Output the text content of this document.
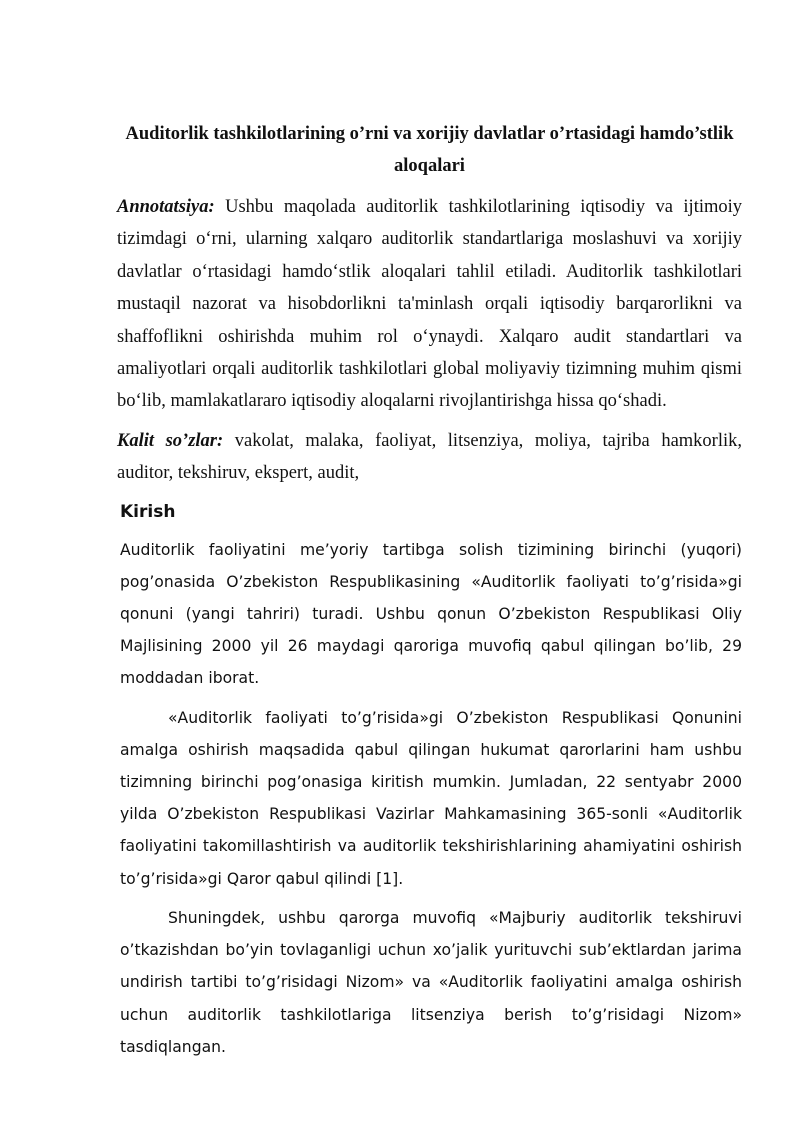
Auditorlik tashkilotlarining o’rni va xorijiy davlatlar o’rtasidagi hamdo’stlik aloqalari

Annotatsiya: Ushbu maqolada auditorlik tashkilotlarining iqtisodiy va ijtimoiy tizimdagi oʻrni, ularning xalqaro auditorlik standartlariga moslashuvi va xorijiy davlatlar oʻrtasidagi hamdoʻstlik aloqalari tahlil etiladi. Auditorlik tashkilotlari mustaqil nazorat va hisobdorlikni ta'minlash orqali iqtisodiy barqarorlikni va shaffoflikni oshirishda muhim rol oʻynaydi. Xalqaro audit standartlari va amaliyotlari orqali auditorlik tashkilotlari global moliyaviy tizimning muhim qismi boʻlib, mamlakatlararo iqtisodiy aloqalarni rivojlantirishga hissa qoʻshadi.

Kalit so’zlar: vakolat, malaka, faoliyat, litsenziya, moliya, tajriba hamkorlik, auditor, tekshiruv, ekspert, audit,

Kirish

Auditorlik faoliyatini me’yoriy tartibga solish tizimining birinchi (yuqori) pog’onasida O’zbekiston Respublikasining «Auditorlik faoliyati to’g’risida»gi qonuni (yangi tahriri) turadi. Ushbu qonun O’zbekiston Respublikasi Oliy Majlisining 2000 yil 26 maydagi qaroriga muvofiq qabul qilingan bo’lib, 29 moddadan iborat.

«Auditorlik faoliyati to’g’risida»gi O’zbekiston Respublikasi Qonunini amalga oshirish maqsadida qabul qilingan hukumat qarorlarini ham ushbu tizimning birinchi pog’onasiga kiritish mumkin. Jumladan, 22 sentyabr 2000 yilda O’zbekiston Respublikasi Vazirlar Mahkamasining 365-sonli «Auditorlik faoliyatini takomillashtirish va auditorlik tekshirishlarining ahamiyatini oshirish to’g’risida»gi Qaror qabul qilindi [1].

Shuningdek, ushbu qarorga muvofiq «Majburiy auditorlik tekshiruvi o’tkazishdan bo’yin tovlaganligi uchun xo’jalik yurituvchi sub’ektlardan jarima undirish tartibi to’g’risidagi Nizom» va «Auditorlik faoliyatini amalga oshirish uchun auditorlik tashkilotlariga litsenziya berish to’g’risidagi Nizom» tasdiqlangan.
